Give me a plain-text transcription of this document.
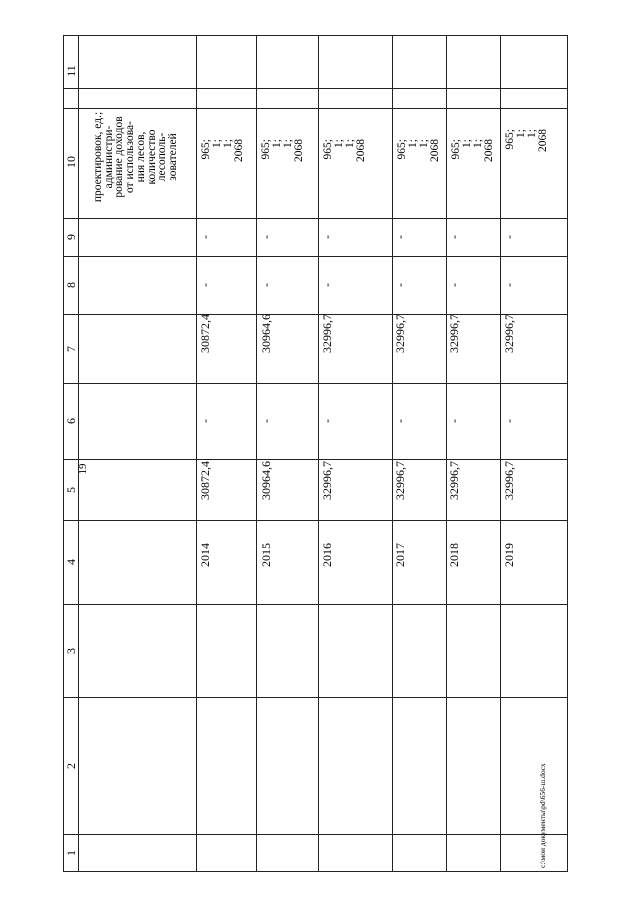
19
11
10
9
8
7
6
5
4
3
2
1
проектировок, ед.;
администри-
рование доходов
от использова-
ния лесов,
количество
лесополь-
зователей 965;
1;
1;
2068
-
-
30872,4
-
30872,4
2014
965;
1;
1;
2068
-
-
30964,6
-
30964,6
2015
965;
1;
1;
2068
-
-
32996,7
-
32996,7
2016
965;
1;
1;
2068
-
-
32996,7
-
32996,7
2017
965;
1;
1;
2068
-
-
32996,7
-
32996,7
2018
965;
1;
1;
2068
-
-
32996,7
-
32996,7
2019
c:\мои документы\pd\656-ш.docx
